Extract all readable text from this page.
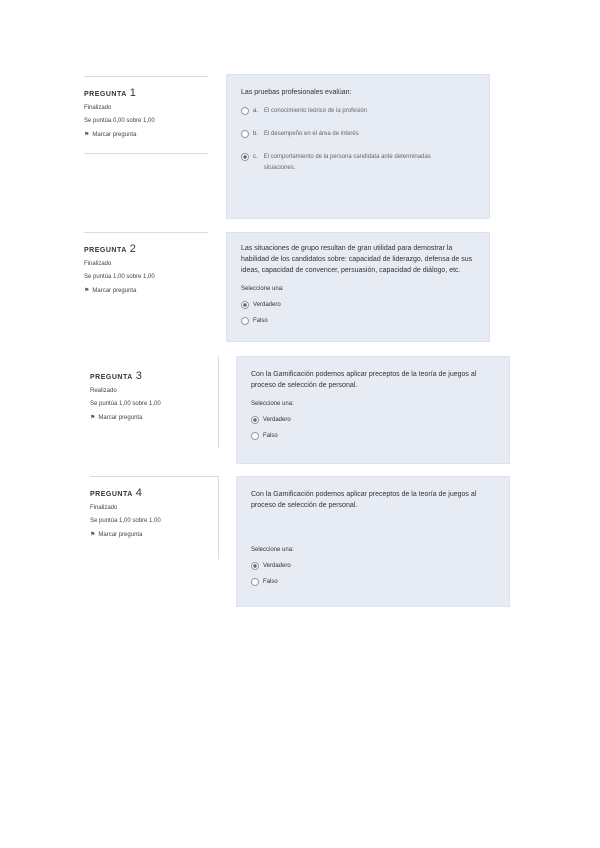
PREGUNTA 1
Finalizado
Se puntúa 0,00 sobre 1,00
⚑ Marcar pregunta
Las pruebas profesionales evalúan:
a. El conocimiento teórico de la profesión
b. El desempeño en el área de interés
c. El comportamiento de la persona candidata ante determinadas situaciones.
PREGUNTA 2
Finalizado
Se puntúa 1,00 sobre 1,00
⚑ Marcar pregunta
Las situaciones de grupo resultan de gran utilidad para demostrar la habilidad de los candidatos sobre: capacidad de liderazgo, defensa de sus ideas, capacidad de convencer, persuasión, capacidad de diálogo, etc.
Seleccione una:
Verdadero
Falso
PREGUNTA 3
Realizado
Se puntúa 1,00 sobre 1,00
⚑ Marcar pregunta
Con la Gamificación podemos aplicar preceptos de la teoría de juegos al proceso de selección de personal.
Seleccione una:
Verdadero
Falso
PREGUNTA 4
Finalizado
Se puntúa 1,00 sobre 1,00
⚑ Marcar pregunta
Con la Gamificación podemos aplicar preceptos de la teoría de juegos al proceso de selección de personal.
Seleccione una:
Verdadero
Falso
